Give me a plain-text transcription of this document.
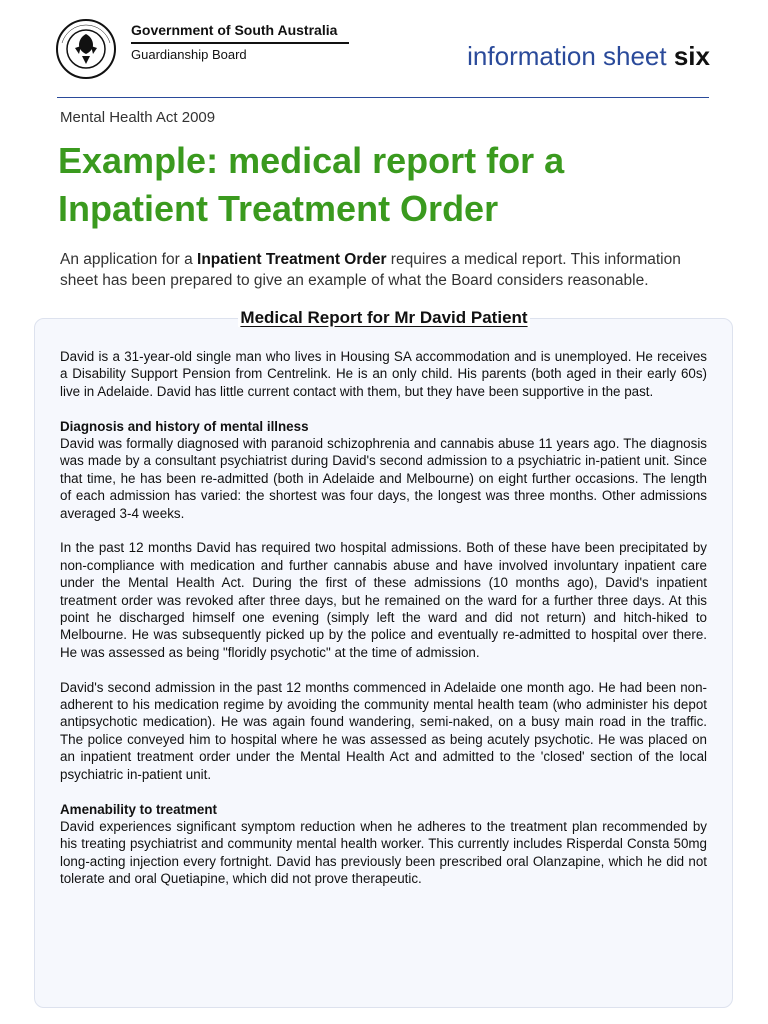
Government of South Australia
Guardianship Board	information sheet six
Mental Health Act 2009
Example: medical report for a
Inpatient Treatment Order
An application for a Inpatient Treatment Order requires a medical report. This information sheet has been prepared to give an example of what the Board considers reasonable.
Medical Report for Mr David Patient

David is a 31-year-old single man who lives in Housing SA accommodation and is unemployed. He receives a Disability Support Pension from Centrelink. He is an only child. His parents (both aged in their early 60s) live in Adelaide. David has little current contact with them, but they have been supportive in the past.

Diagnosis and history of mental illness

David was formally diagnosed with paranoid schizophrenia and cannabis abuse 11 years ago. The diagnosis was made by a consultant psychiatrist during David's second admission to a psychiatric in-patient unit. Since that time, he has been re-admitted (both in Adelaide and Melbourne) on eight further occasions. The length of each admission has varied: the shortest was four days, the longest was three months. Other admissions averaged 3-4 weeks.

In the past 12 months David has required two hospital admissions. Both of these have been precipitated by non-compliance with medication and further cannabis abuse and have involved involuntary inpatient care under the Mental Health Act. During the first of these admissions (10 months ago), David's inpatient treatment order was revoked after three days, but he remained on the ward for a further three days. At this point he discharged himself one evening (simply left the ward and did not return) and hitch-hiked to Melbourne. He was subsequently picked up by the police and eventually re-admitted to hospital over there. He was assessed as being "floridly psychotic" at the time of admission.

David's second admission in the past 12 months commenced in Adelaide one month ago. He had been non-adherent to his medication regime by avoiding the community mental health team (who administer his depot antipsychotic medication). He was again found wandering, semi-naked, on a busy main road in the traffic. The police conveyed him to hospital where he was assessed as being acutely psychotic. He was placed on an inpatient treatment order under the Mental Health Act and admitted to the 'closed' section of the local psychiatric in-patient unit.

Amenability to treatment

David experiences significant symptom reduction when he adheres to the treatment plan recommended by his treating psychiatrist and community mental health worker. This currently includes Risperdal Consta 50mg long-acting injection every fortnight. David has previously been prescribed oral Olanzapine, which he did not tolerate and oral Quetiapine, which did not prove therapeutic.
